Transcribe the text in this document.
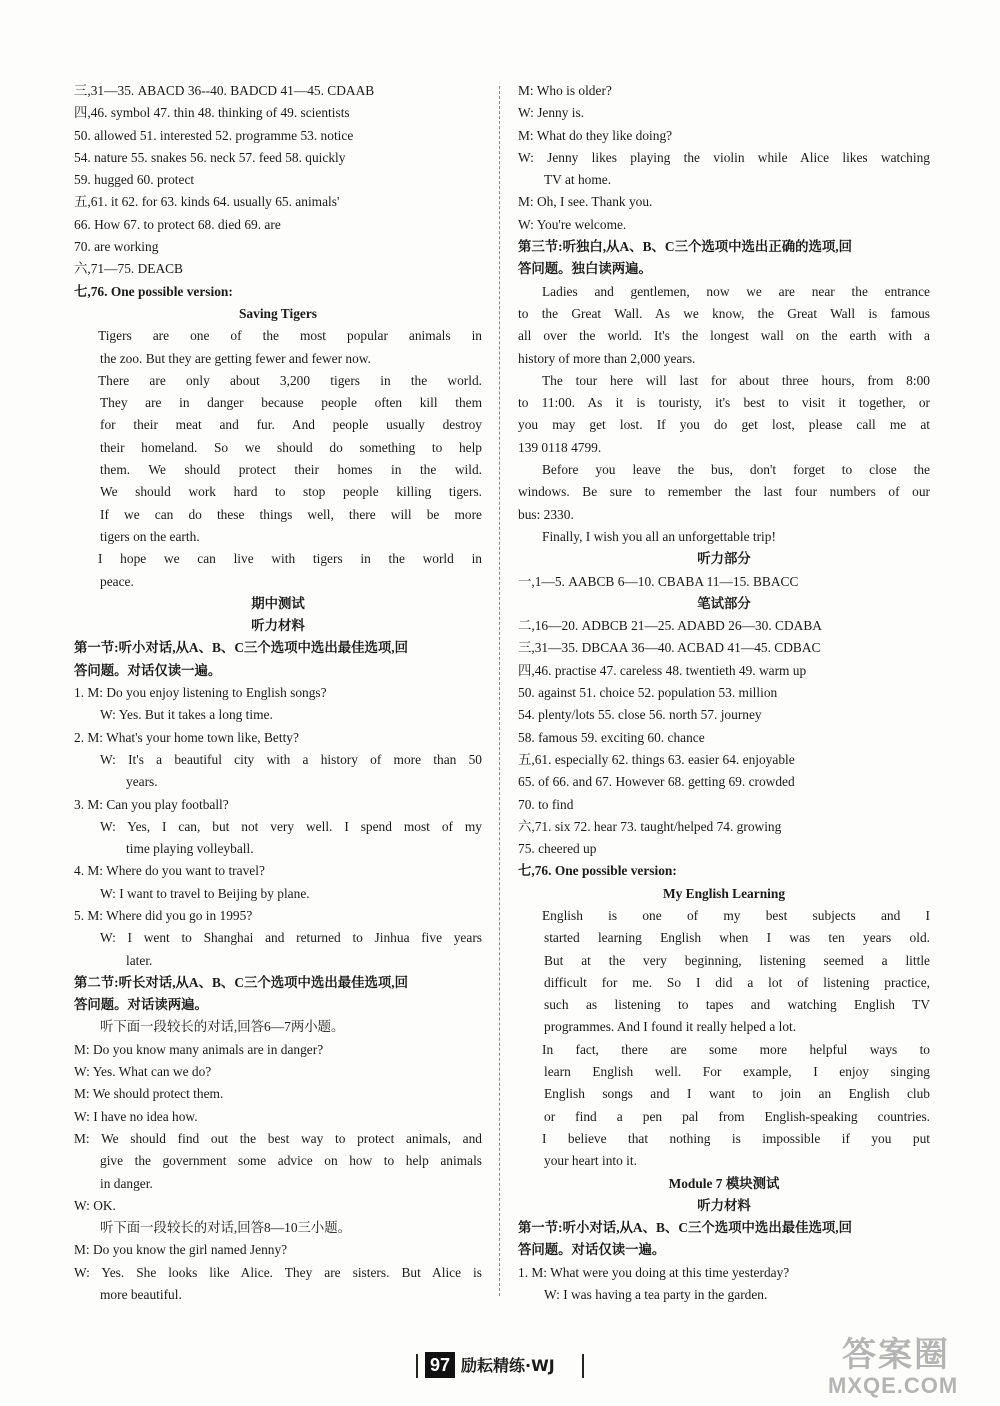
三,31—35. ABACD 36--40. BADCD 41—45. CDAAB
四,46. symbol 47. thin 48. thinking of 49. scientists
50. allowed 51. interested 52. programme 53. notice
54. nature 55. snakes 56. neck 57. feed 58. quickly
59. hugged 60. protect
五,61. it 62. for 63. kinds 64. usually 65. animals'
66. How 67. to protect 68. died 69. are
70. are working
六,71—75. DEACB
七,76. One possible version:
Saving Tigers
Tigers are one of the most popular animals in
the zoo. But they are getting fewer and fewer now.
There are only about 3,200 tigers in the world.
They are in danger because people often kill them
for their meat and fur. And people usually destroy
their homeland. So we should do something to help
them. We should protect their homes in the wild.
We should work hard to stop people killing tigers.
If we can do these things well, there will be more
tigers on the earth.
I hope we can live with tigers in the world in
peace.
期中测试
听力材料
第一节:听小对话,从A、B、C三个选项中选出最佳选项,回
答问题。对话仅读一遍。
1. M: Do you enjoy listening to English songs?
W: Yes. But it takes a long time.
2. M: What's your home town like, Betty?
W: It's a beautiful city with a history of more than 50
years.
3. M: Can you play football?
W: Yes, I can, but not very well. I spend most of my
time playing volleyball.
4. M: Where do you want to travel?
W: I want to travel to Beijing by plane.
5. M: Where did you go in 1995?
W: I went to Shanghai and returned to Jinhua five years
later.
第二节:听长对话,从A、B、C三个选项中选出最佳选项,回
答问题。对话读两遍。
听下面一段较长的对话,回答6—7两小题。
M: Do you know many animals are in danger?
W: Yes. What can we do?
M: We should protect them.
W: I have no idea how.
M: We should find out the best way to protect animals, and
give the government some advice on how to help animals
in danger.
W: OK.
听下面一段较长的对话,回答8—10三小题。
M: Do you know the girl named Jenny?
W: Yes. She looks like Alice. They are sisters. But Alice is
more beautiful.
M: Who is older?
W: Jenny is.
M: What do they like doing?
W: Jenny likes playing the violin while Alice likes watching
TV at home.
M: Oh, I see. Thank you.
W: You're welcome.
第三节:听独白,从A、B、C三个选项中选出正确的选项,回
答问题。独白读两遍。
Ladies and gentlemen, now we are near the entrance
to the Great Wall. As we know, the Great Wall is famous
all over the world. It's the longest wall on the earth with a
history of more than 2,000 years.
The tour here will last for about three hours, from 8:00
to 11:00. As it is touristy, it's best to visit it together, or
you may get lost. If you do get lost, please call me at
139 0118 4799.
Before you leave the bus, don't forget to close the
windows. Be sure to remember the last four numbers of our
bus: 2330.
Finally, I wish you all an unforgettable trip!
听力部分
一,1—5. AABCB 6—10. CBABA 11—15. BBACC
笔试部分
二,16—20. ADBCB 21—25. ADABD 26—30. CDABA
三,31—35. DBCAA 36—40. ACBAD 41—45. CDBAC
四,46. practise 47. careless 48. twentieth 49. warm up
50. against 51. choice 52. population 53. million
54. plenty/lots 55. close 56. north 57. journey
58. famous 59. exciting 60. chance
五,61. especially 62. things 63. easier 64. enjoyable
65. of 66. and 67. However 68. getting 69. crowded
70. to find
六,71. six 72. hear 73. taught/helped 74. growing
75. cheered up
七,76. One possible version:
My English Learning
English is one of my best subjects and I
started learning English when I was ten years old.
But at the very beginning, listening seemed a little
difficult for me. So I did a lot of listening practice,
such as listening to tapes and watching English TV
programmes. And I found it really helped a lot.
In fact, there are some more helpful ways to
learn English well. For example, I enjoy singing
English songs and I want to join an English club
or find a pen pal from English-speaking countries.
I believe that nothing is impossible if you put
your heart into it.
Module 7 模块测试
听力材料
第一节:听小对话,从A、B、C三个选项中选出最佳选项,回
答问题。对话仅读一遍。
1. M: What were you doing at this time yesterday?
W: I was having a tea party in the garden.
97 励耘精练·WJ	答案圈
MXQE.COM
